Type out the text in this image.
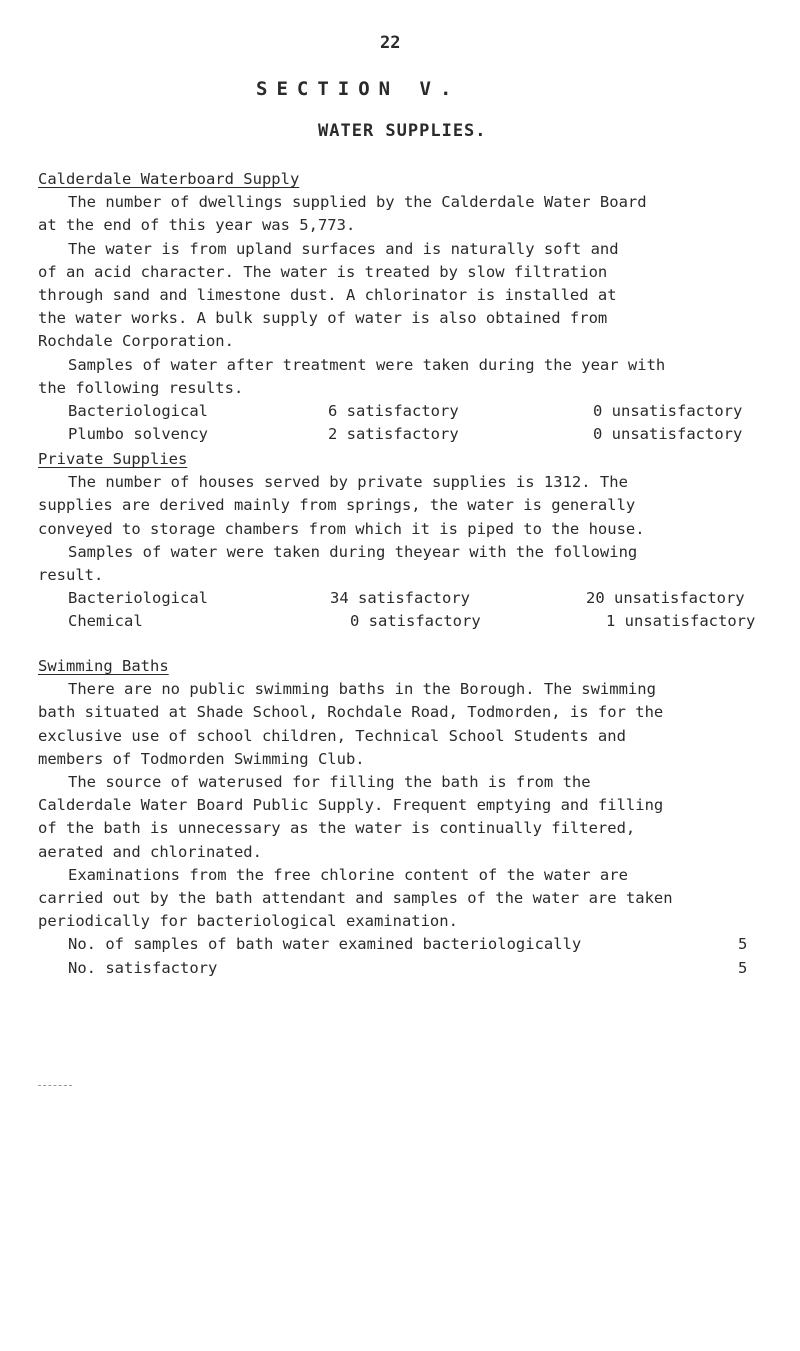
22
SECTION V.
WATER SUPPLIES.
Calderdale Waterboard Supply
The number of dwellings supplied by the Calderdale Water Board
at the end of this year was 5,773.
The water is from upland surfaces and is naturally soft and
of an acid character. The water is treated by slow filtration
through sand and limestone dust. A chlorinator is installed at
the water works. A bulk supply of water is also obtained from
Rochdale Corporation.
Samples of water after treatment were taken during the year with
the following results.
Bacteriological	6 satisfactory	0 unsatisfactory
Plumbo solvency	2 satisfactory	0 unsatisfactory
Private Supplies
The number of houses served by private supplies is 1312. The
supplies are derived mainly from springs, the water is generally
conveyed to storage chambers from which it is piped to the house.
Samples of water were taken during theyear with the following
result.
Bacteriological	34 satisfactory	20 unsatisfactory
Chemical	0 satisfactory	1 unsatisfactory
Swimming Baths
There are no public swimming baths in the Borough. The swimming
bath situated at Shade School, Rochdale Road, Todmorden, is for the
exclusive use of school children, Technical School Students and
members of Todmorden Swimming Club.
The source of waterused for filling the bath is from the
Calderdale Water Board Public Supply. Frequent emptying and filling
of the bath is unnecessary as the water is continually filtered,
aerated and chlorinated.
Examinations from the free chlorine content of the water are
carried out by the bath attendant and samples of the water are taken
periodically for bacteriological examination.
No. of samples of bath water examined bacteriologically	5
No. satisfactory	5
